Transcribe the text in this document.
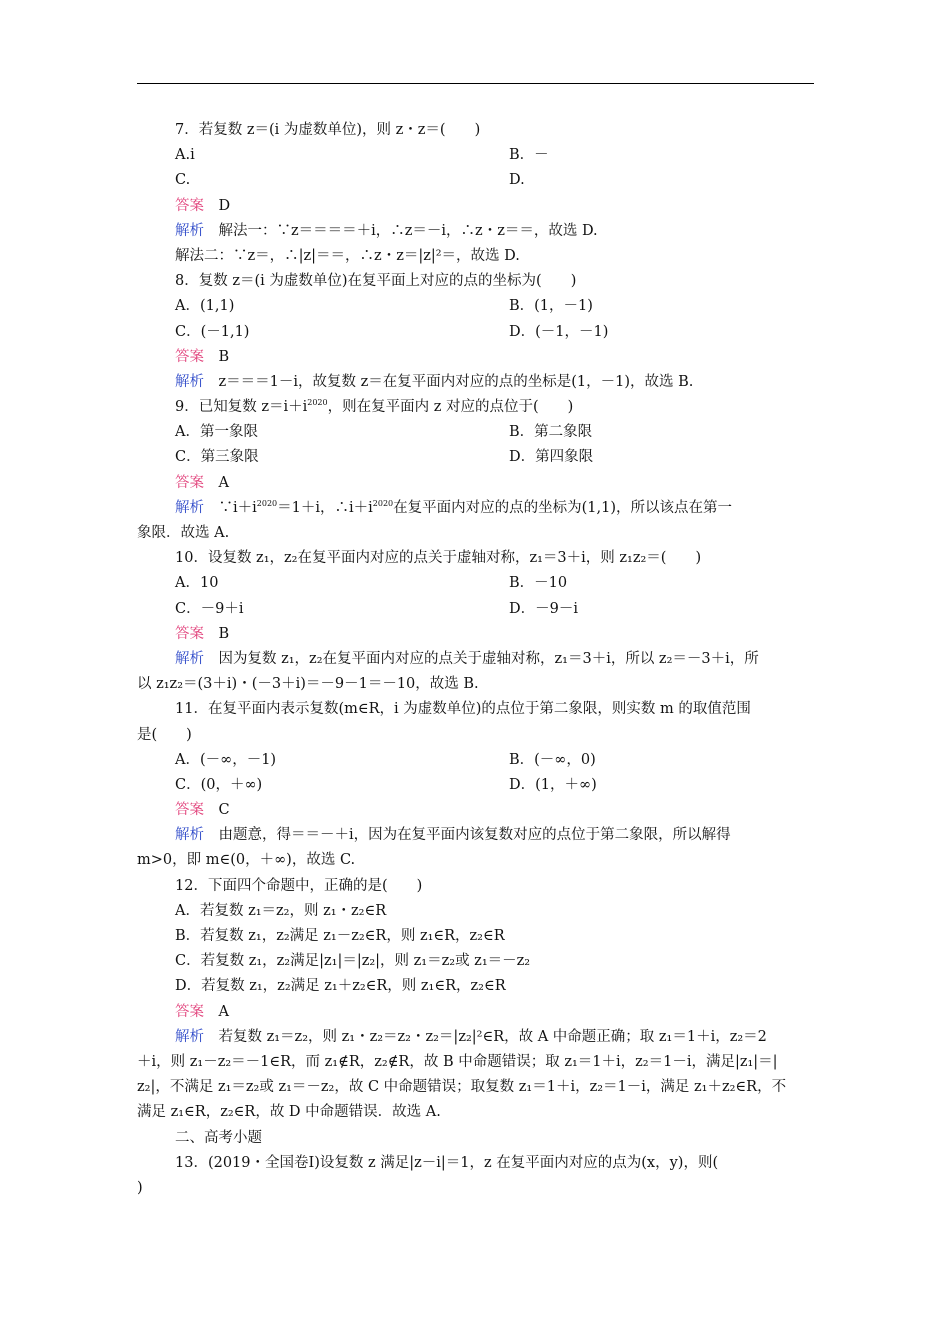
7．若复数 z＝(i 为虚数单位)，则 z・z＝(　　)
A.i	B．－
C.	D.
答案　 D
解析　 解法一：∵z＝＝＝＝＋i，∴z＝－i，∴z・z＝＝，故选 D.
解法二：∵z＝，∴|z|＝＝，∴z・z＝|z|²＝，故选 D.
8．复数 z＝(i 为虚数单位)在复平面上对应的点的坐标为(　　)
A．(1,1)	B．(1，－1)
C．(－1,1)	D．(－1，－1)
答案　 B
解析　 z＝＝＝1－i，故复数 z＝在复平面内对应的点的坐标是(1，－1)，故选 B.
9．已知复数 $z=i+i^{2020}$，则在复平面内 z 对应的点位于(　　)
A．第一象限	B．第二象限
C．第三象限	D．第四象限
答案　 A
解析　 $\because i+i^{2020}=1+i$，$\therefore i+i^{2020}$在复平面内对应的点的坐标为(1,1)，所以该点在第一
象限．故选 A.
10．设复数 z₁，z₂在复平面内对应的点关于虚轴对称，z₁＝3＋i，则 z₁z₂＝(　　)
A．10	B．－10
C．－9＋i	D．－9－i
答案　 B
解析　 因为复数 z₁，z₂在复平面内对应的点关于虚轴对称，z₁＝3＋i，所以 z₂＝－3＋i，所
以 z₁z₂＝(3＋i)・(－3＋i)＝－9－1＝－10，故选 B.
11．在复平面内表示复数(m∈R，i 为虚数单位)的点位于第二象限，则实数 m 的取值范围
是(　　)
A．(－∞，－1)	B．(－∞，0)
C．(0，＋∞)	D．(1，＋∞)
答案　 C
解析　 由题意，得＝＝－＋i，因为在复平面内该复数对应的点位于第二象限，所以解得
m>0，即 m∈(0，＋∞)，故选 C.
12．下面四个命题中，正确的是(　　)
A．若复数 z₁＝z₂，则 z₁・z₂∈R
B．若复数 z₁，z₂满足 z₁－z₂∈R，则 z₁∈R，z₂∈R
C．若复数 z₁，z₂满足|z₁|＝|z₂|，则 z₁＝z₂或 z₁＝－z₂
D．若复数 z₁，z₂满足 z₁＋z₂∈R，则 z₁∈R，z₂∈R
答案　 A
解析　 若复数 z₁＝z₂，则 z₁・z₂＝z₂・z₂＝|z₂|²∈R，故 A 中命题正确；取 z₁＝1＋i，z₂＝2
＋i，则 z₁－z₂＝－1∈R，而 z₁∉R，z₂∉R，故 B 中命题错误；取 z₁＝1＋i，z₂＝1－i，满足|z₁|＝|
z₂|，不满足 z₁＝z₂或 z₁＝－z₂，故 C 中命题错误；取复数 z₁＝1＋i，z₂＝1－i，满足 z₁＋z₂∈R，不
满足 z₁∈R，z₂∈R，故 D 中命题错误．故选 A.
二、高考小题
13．(2019・全国卷Ⅰ)设复数 z 满足|z－i|＝1，z 在复平面内对应的点为(x，y)，则(
)
